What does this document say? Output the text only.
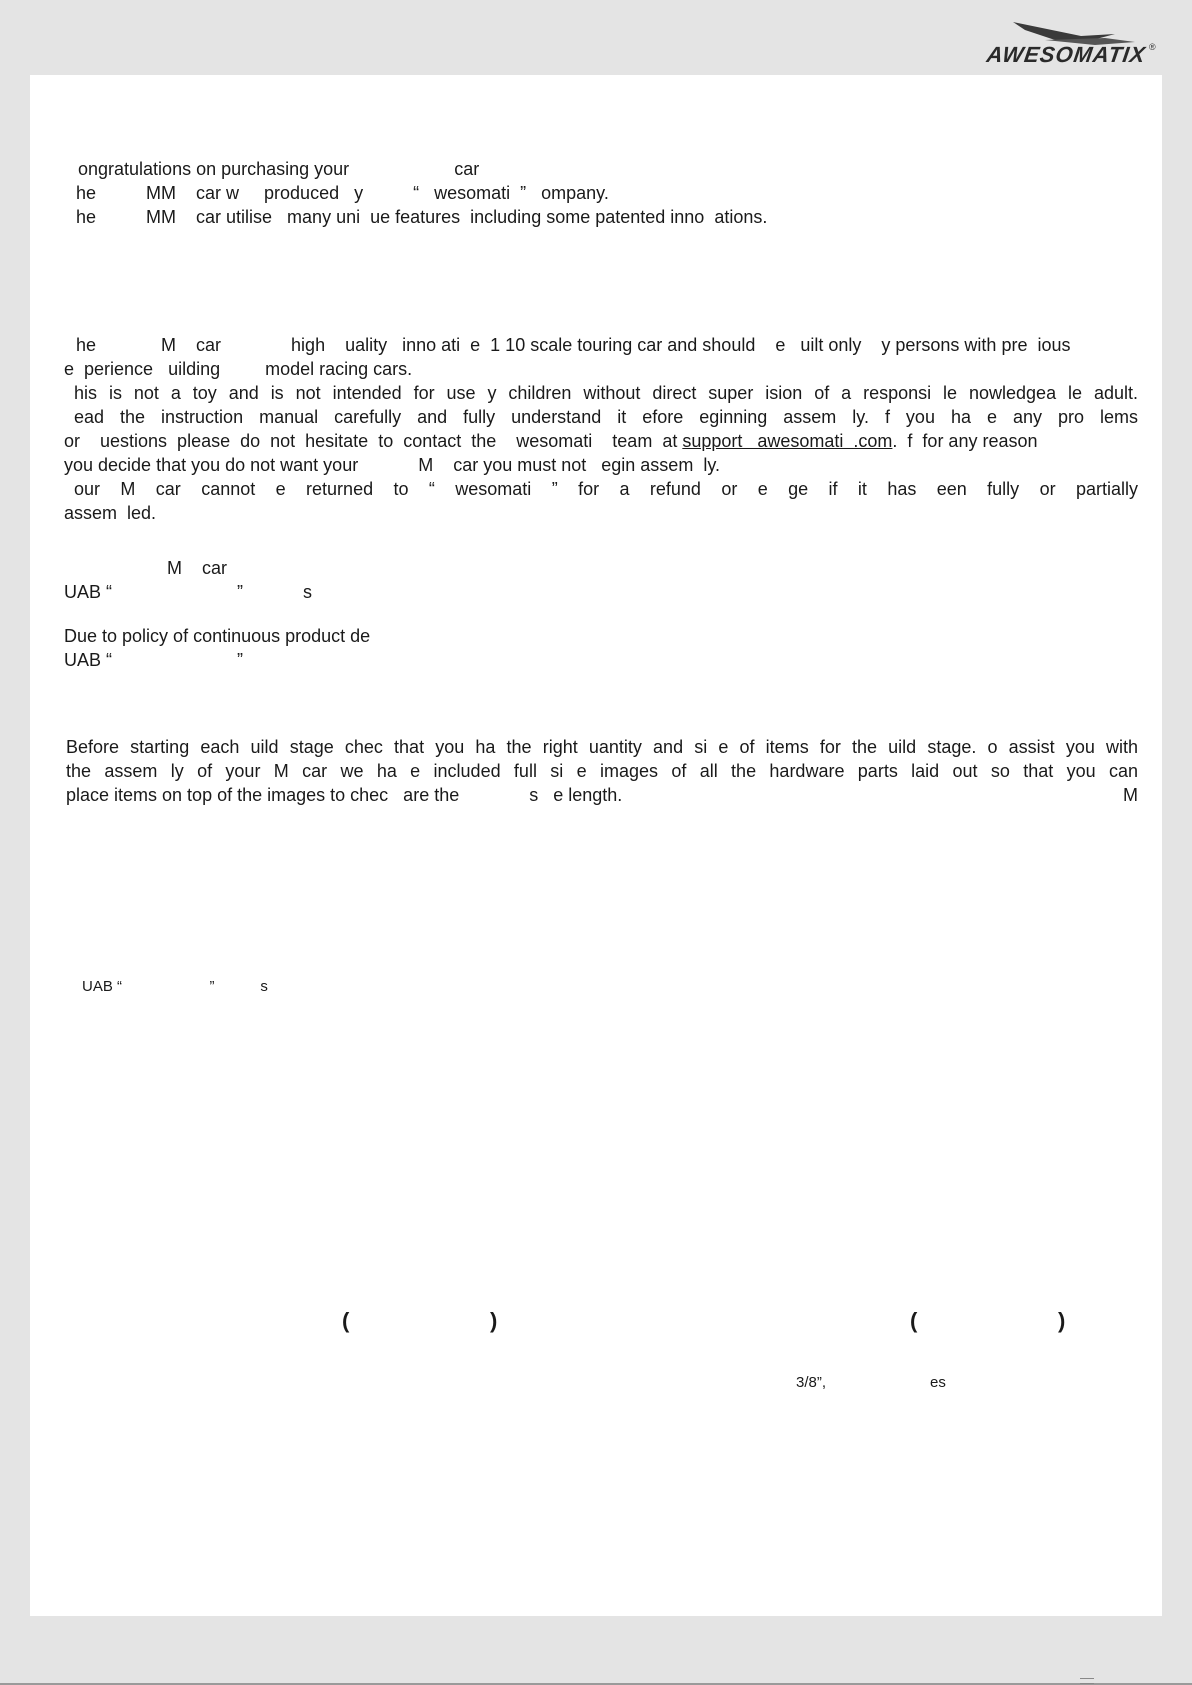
AWESOMATIX ®

ongratulations on purchasing your                     car

he          MM    car w     produced   y          “   wesomati  ”   ompany.

he          MM    car utilise   many uni  ue features  including some patented inno  ations.

he             M    car              high    uality   inno ati  e  1 10 scale touring car and should    e   uilt only    y persons with pre  ious

e  perience   uilding         model racing cars.

his is not a toy and is not intended for use y children without direct super ision of a responsi le nowledgea le adult.

ead the instruction manual carefully and fully understand it efore eginning assem ly. f you ha e any pro lems

or    uestions  please  do  not  hesitate  to  contact  the    wesomati    team  at support   awesomati  .com.  f  for any reason

you decide that you do not want your            M    car you must not   egin assem  ly.

our M car cannot e returned to “ wesomati ” for a refund or e ge if it has een fully or partially

assem  led.

M    car

UAB “                         ”            s

Due to policy of continuous product de

UAB “                         ”

Before starting each uild stage chec that you ha the right uantity and si e of items for the uild stage. o assist you with

the assem ly of your M car we ha e included full si e images of all the hardware parts laid out so that you can

place items on top of the images to chec   are the              s   e length.	M

UAB “                     ”           s

(	)	(	)

3/8”,	es
